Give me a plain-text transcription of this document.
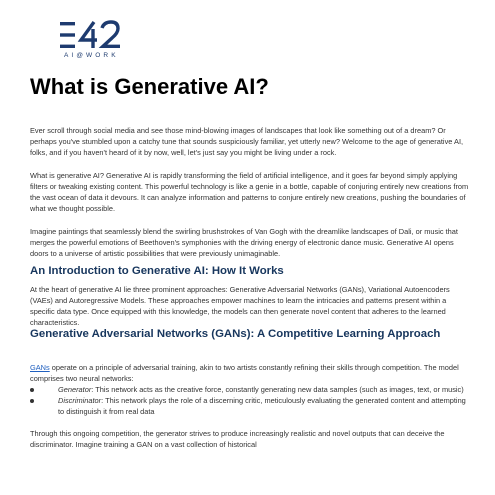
AI@WORK
What is Generative AI?

Ever scroll through social media and see those mind-blowing images of landscapes that look like something out of a dream? Or perhaps you've stumbled upon a catchy tune that sounds suspiciously familiar, yet utterly new? Welcome to the age of generative AI, folks, and if you haven't heard of it by now, well, let's just say you might be living under a rock.

What is generative AI? Generative AI is rapidly transforming the field of artificial intelligence, and it goes far beyond simply applying filters or tweaking existing content. This powerful technology is like a genie in a bottle, capable of conjuring entirely new creations from the vast ocean of data it devours. It can analyze information and patterns to conjure entirely new creations, pushing the boundaries of what we thought possible.

Imagine paintings that seamlessly blend the swirling brushstrokes of Van Gogh with the dreamlike landscapes of Dali, or music that merges the powerful emotions of Beethoven's symphonies with the driving energy of electronic dance music. Generative AI opens doors to a universe of artistic possibilities that were previously unimaginable.

An Introduction to Generative AI: How It Works

At the heart of generative AI lie three prominent approaches: Generative Adversarial Networks (GANs), Variational Autoencoders (VAEs) and Autoregressive Models. These approaches empower machines to learn the intricacies and patterns present within a specific data type. Once equipped with this knowledge, the models can then generate novel content that adheres to the learned characteristics.

Generative Adversarial Networks (GANs): A Competitive Learning Approach

GANs operate on a principle of adversarial training, akin to two artists constantly refining their skills through competition. The model comprises two neural networks:

Generator: This network acts as the creative force, constantly generating new data samples (such as images, text, or music)
Discriminator: This network plays the role of a discerning critic, meticulously evaluating the generated content and attempting to distinguish it from real data

Through this ongoing competition, the generator strives to produce increasingly realistic and novel outputs that can deceive the discriminator. Imagine training a GAN on a vast collection of historical
